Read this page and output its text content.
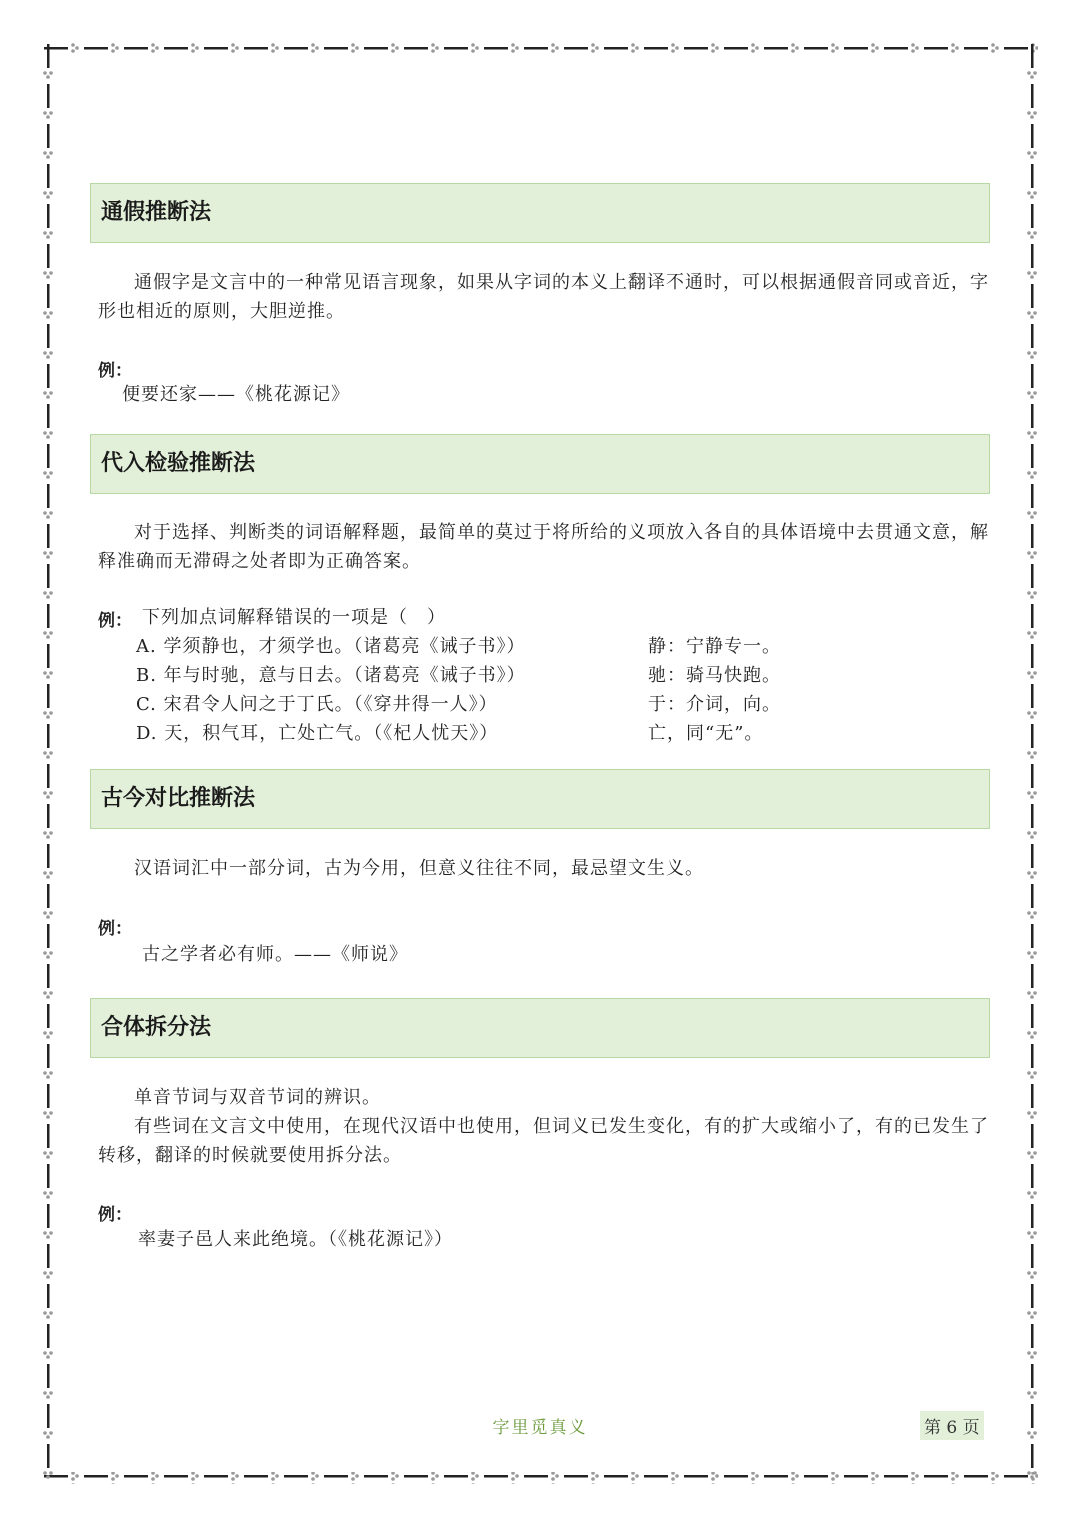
通假推断法

通假字是文言中的一种常见语言现象，如果从字词的本义上翻译不通时，可以根据通假音同或音近，字形也相近的原则，大胆逆推。

例：
便要还家——《桃花源记》
代入检验推断法

对于选择、判断类的词语解释题，最简单的莫过于将所给的义项放入各自的具体语境中去贯通文意，解释准确而无滞碍之处者即为正确答案。

例： 下列加点词解释错误的一项是（　）
A. 学须静也，才须学也。（诸葛亮《诫子书》）	静：宁静专一。
B. 年与时驰，意与日去。（诸葛亮《诫子书》）	驰：骑马快跑。
C. 宋君令人问之于丁氏。（《穿井得一人》）	于：介词，向。
D. 天，积气耳，亡处亡气。（《杞人忧天》）	亡，同“无”。
古今对比推断法

汉语词汇中一部分词，古为今用，但意义往往不同，最忌望文生义。

例：
古之学者必有师。——《师说》
合体拆分法

单音节词与双音节词的辨识。

有些词在文言文中使用，在现代汉语中也使用，但词义已发生变化，有的扩大或缩小了，有的已发生了转移，翻译的时候就要使用拆分法。

例：
率妻子邑人来此绝境。（《桃花源记》）
字里觅真义	第 6 页
